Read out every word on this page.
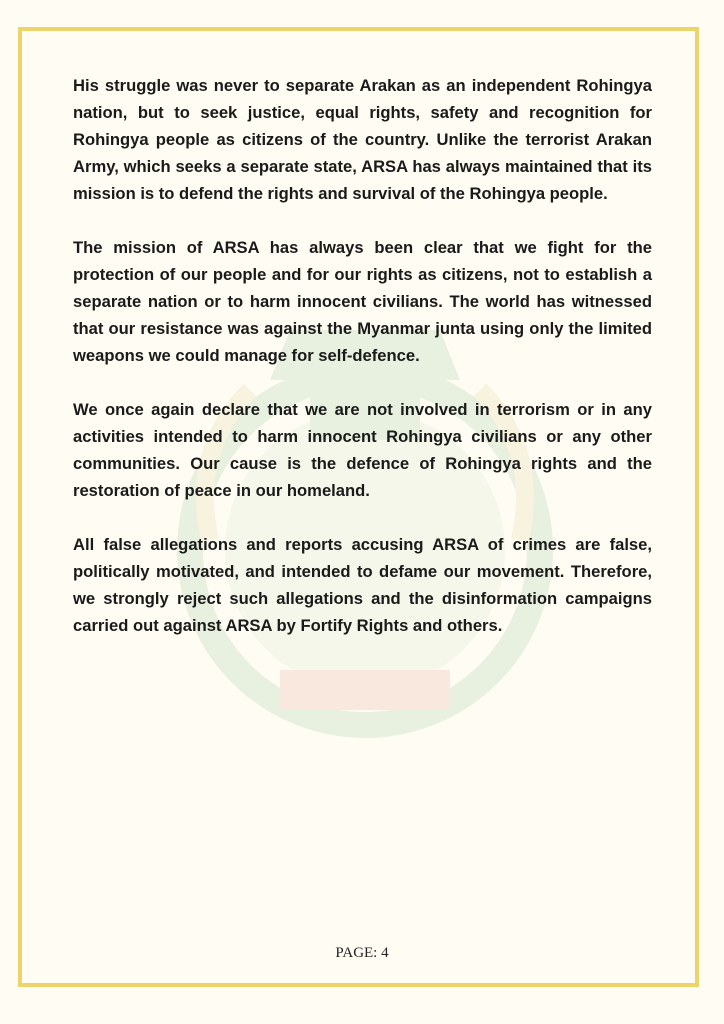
His struggle was never to separate Arakan as an independent Rohingya nation, but to seek justice, equal rights, safety and recognition for Rohingya people as citizens of the country. Unlike the terrorist Arakan Army, which seeks a separate state, ARSA has always maintained that its mission is to defend the rights and survival of the Rohingya people.

The mission of ARSA has always been clear that we fight for the protection of our people and for our rights as citizens, not to establish a separate nation or to harm innocent civilians. The world has witnessed that our resistance was against the Myanmar junta using only the limited weapons we could manage for self-defence.

We once again declare that we are not involved in terrorism or in any activities intended to harm innocent Rohingya civilians or any other communities. Our cause is the defence of Rohingya rights and the restoration of peace in our homeland.

All false allegations and reports accusing ARSA of crimes are false, politically motivated, and intended to defame our movement. Therefore, we strongly reject such allegations and the disinformation campaigns carried out against ARSA by Fortify Rights and others.

PAGE: 4
